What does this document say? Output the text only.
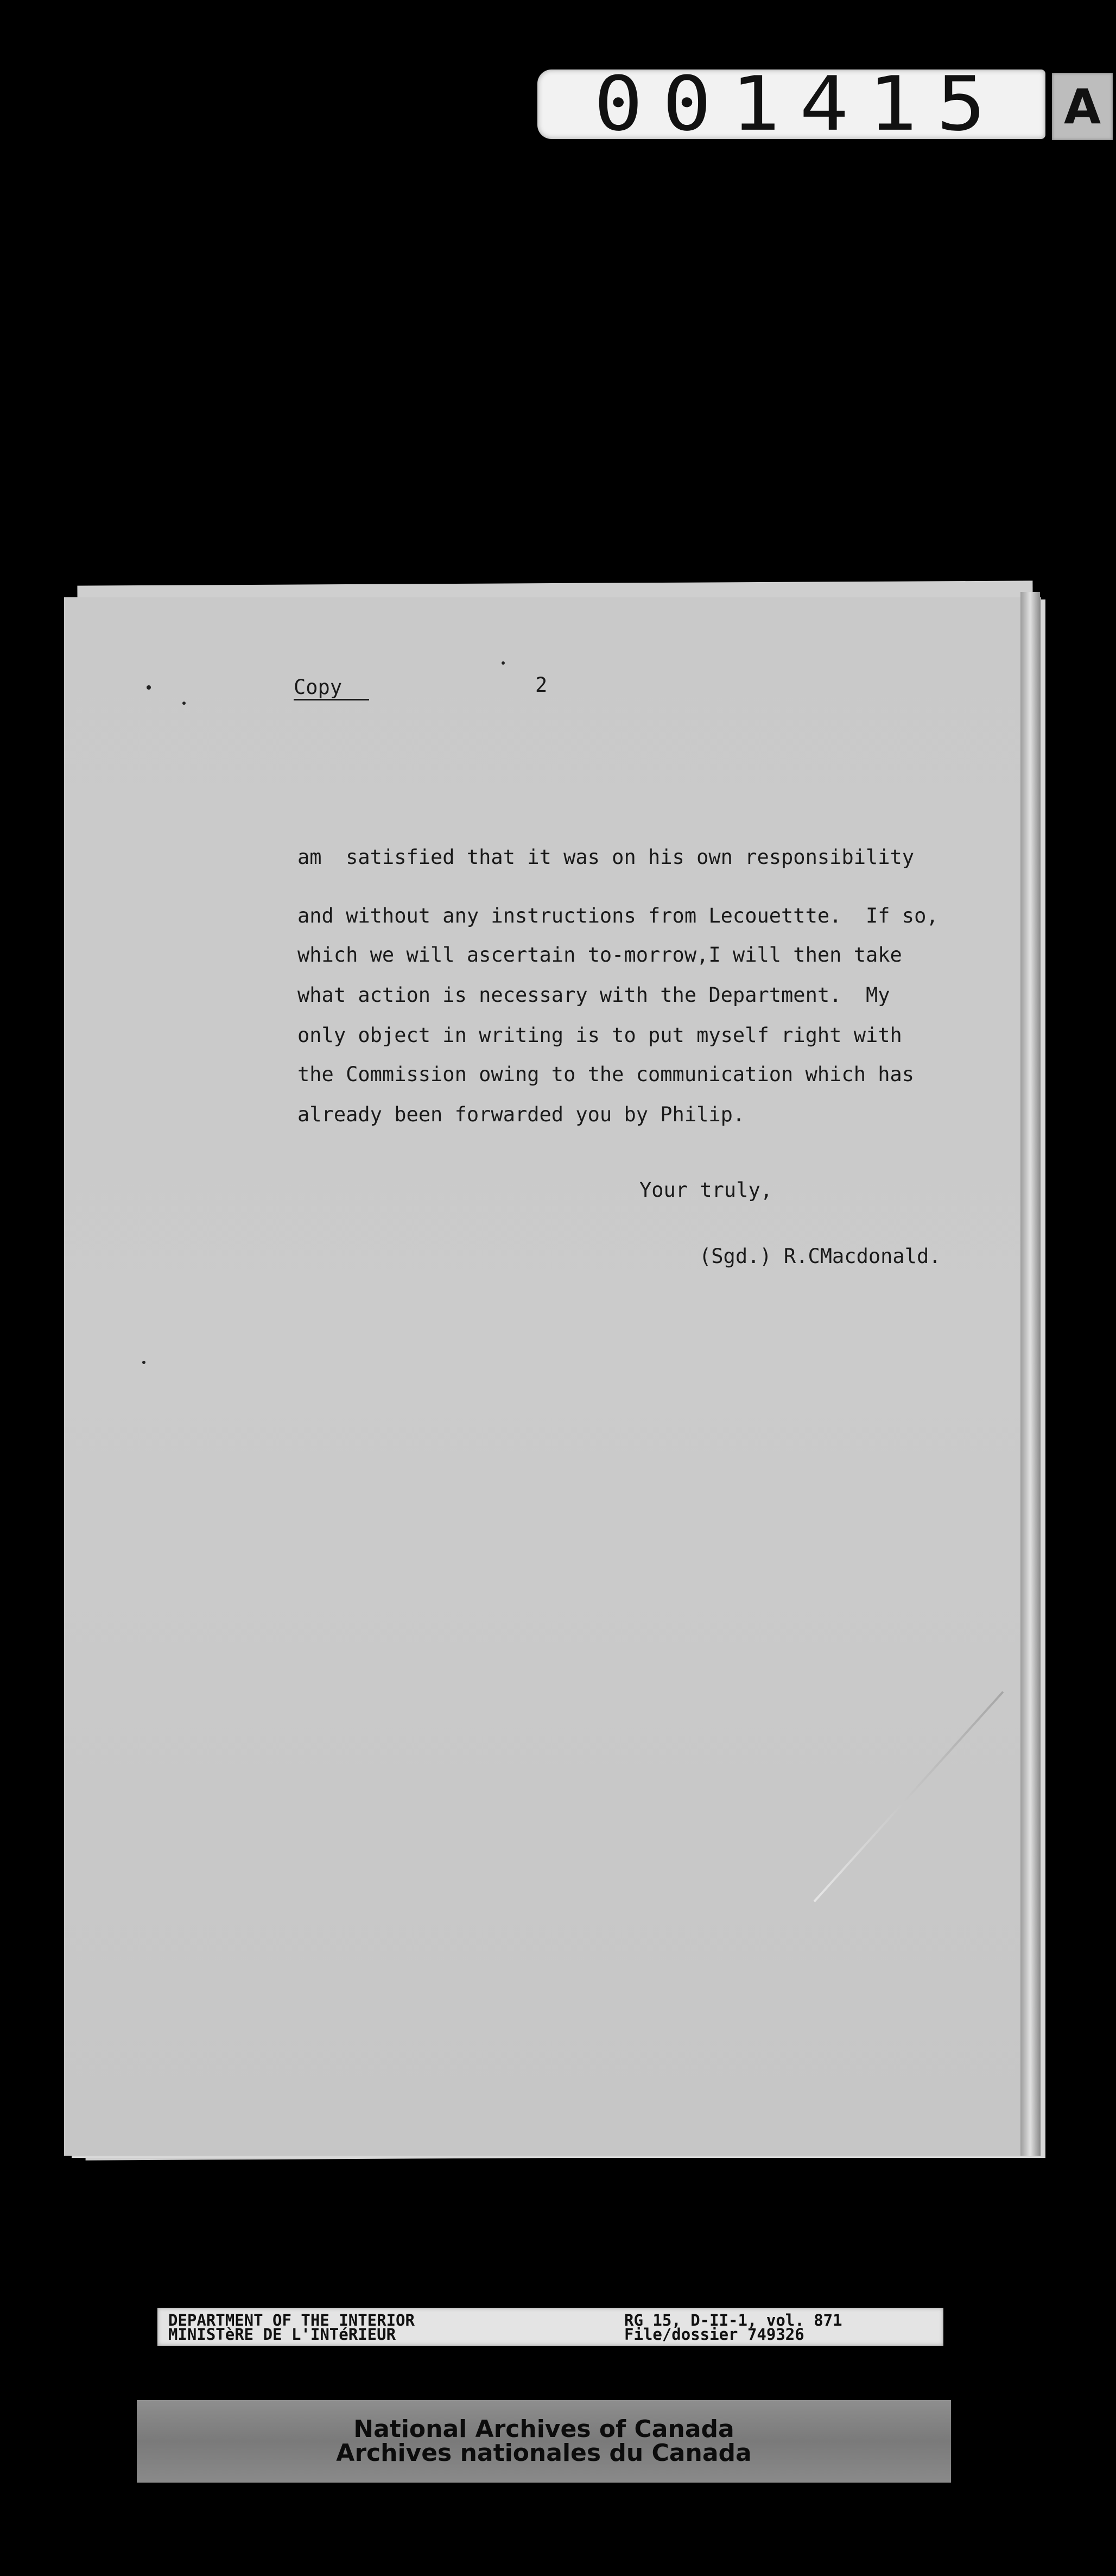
001415 A
Copy	2
am  satisfied that it was on his own responsibility
and without any instructions from Lecouettte.  If so,
which we will ascertain to-morrow,I will then take
what action is necessary with the Department.  My
only object in writing is to put myself right with
the Commission owing to the communication which has
already been forwarded you by Philip.
Your truly,
(Sgd.) R.CMacdonald.
DEPARTMENT OF THE INTERIOR
MINISTèRE DE L'INTéRIEUR
RG 15, D-II-1, vol. 871
File/dossier 749326
National Archives of Canada
Archives nationales du Canada
